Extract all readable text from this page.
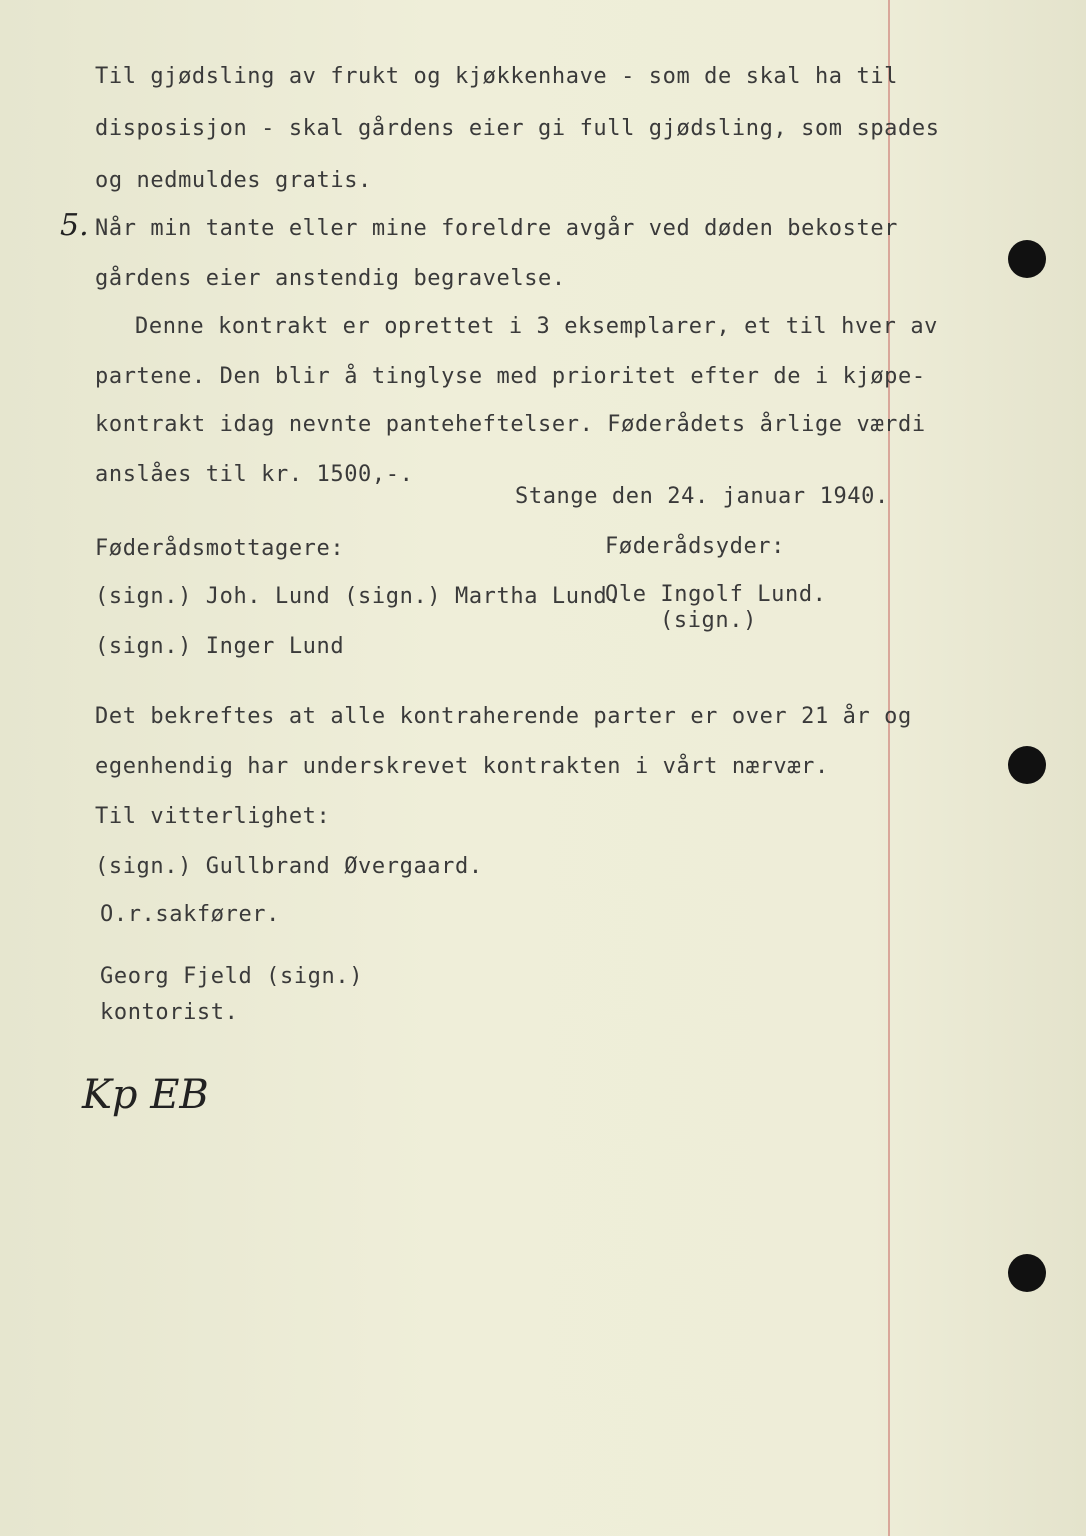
Til gjødsling av frukt og kjøkkenhave - som de skal ha til
disposisjon - skal gårdens eier gi full gjødsling, som spades
og nedmuldes gratis.
5. Når min tante eller mine foreldre avgår ved døden bekoster
gårdens eier anstendig begravelse.
Denne kontrakt er oprettet i 3 eksemplarer, et til hver av
partene. Den blir å tinglyse med prioritet efter de i kjøpe-
kontrakt idag nevnte panteheftelser. Føderådets årlige værdi
anslåes til kr. 1500,-.
Stange den 24. januar 1940.
Føderådsmottagere:	Føderådsyder:
(sign.) Joh. Lund (sign.) Martha Lund.
Ole Ingolf Lund.
(sign.)
(sign.) Inger Lund
Det bekreftes at alle kontraherende parter er over 21 år og
egenhendig har underskrevet kontrakten i vårt nærvær.
Til vitterlighet:
(sign.) Gullbrand Øvergaard.
O.r.sakfører.
Georg Fjeld (sign.)
kontorist.
Kp EB
